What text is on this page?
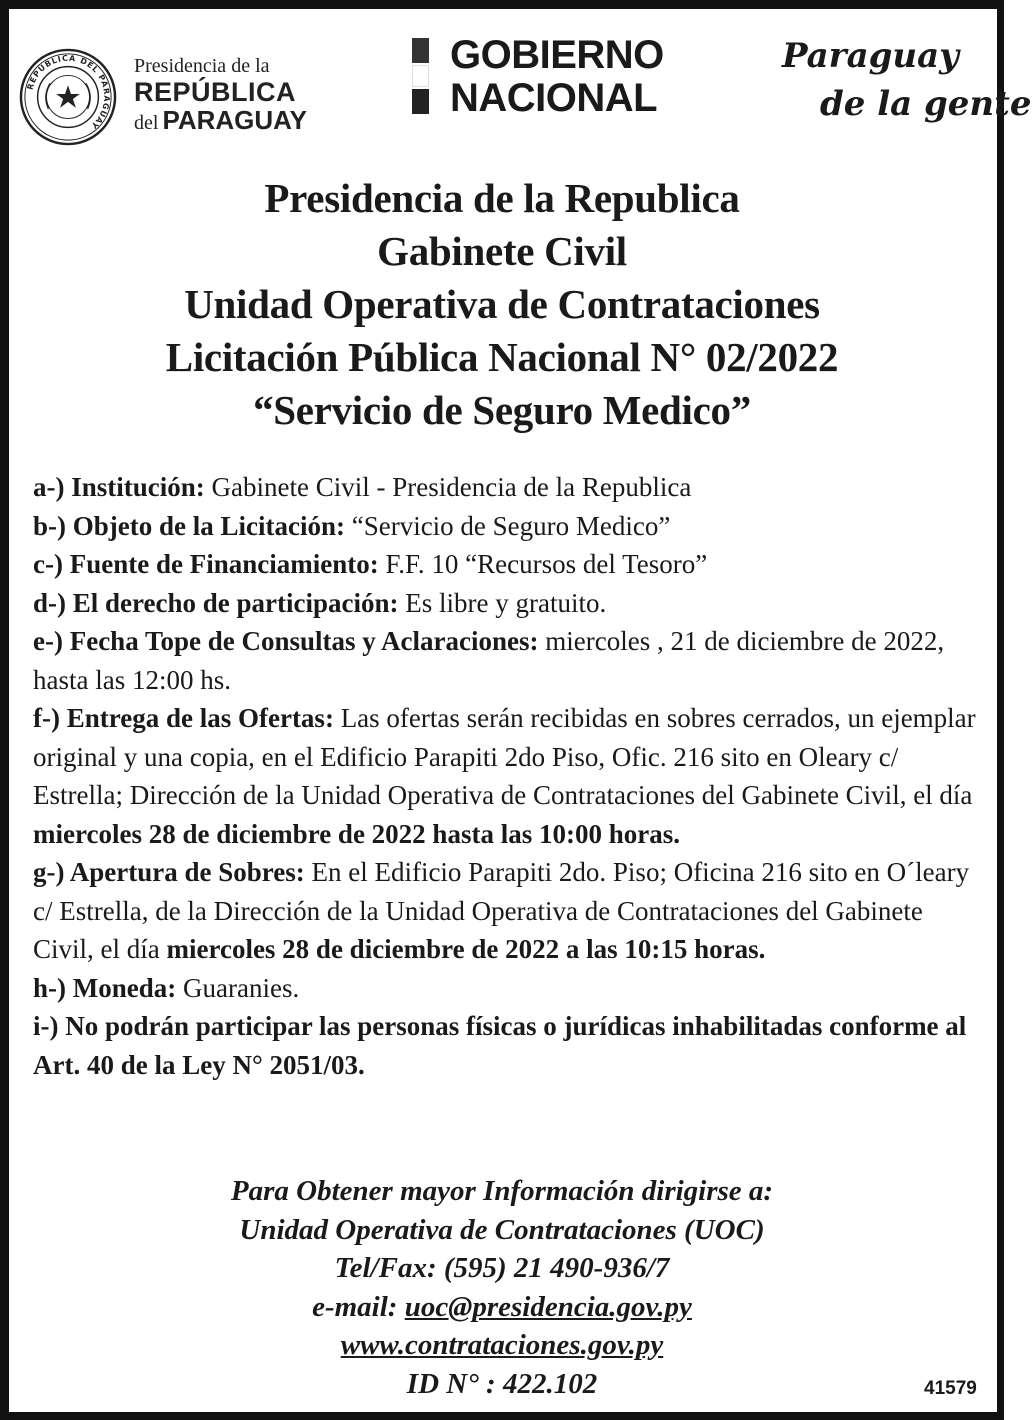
REPÚBLICA DEL PARAGUAY
Presidencia de la
REPÚBLICA
del PARAGUAY
GOBIERNO
NACIONAL
Paraguay
de la gente
Presidencia de la Republica
Gabinete Civil
Unidad Operativa de Contrataciones
Licitación Pública Nacional N° 02/2022
“Servicio de Seguro Medico”

a-) Institución: Gabinete Civil - Presidencia de la Republica

b-) Objeto de la Licitación: “Servicio de Seguro Medico”

c-) Fuente de Financiamiento: F.F. 10 “Recursos del Tesoro”

d-) El derecho de participación: Es libre y gratuito.

e-) Fecha Tope de Consultas y Aclaraciones: miercoles , 21 de diciembre de 2022, hasta las 12:00 hs.

f-) Entrega de las Ofertas: Las ofertas serán recibidas en sobres cerrados, un ejemplar original y una copia, en el Edificio Parapiti 2do Piso, Ofic. 216 sito en Oleary c/ Estrella; Dirección de la Unidad Operativa de Contrataciones del Gabinete Civil, el día miercoles 28 de diciembre de 2022 hasta las 10:00 horas.

g-) Apertura de Sobres: En el Edificio Parapiti 2do. Piso; Oficina 216 sito en O´leary c/ Estrella, de la Dirección de la Unidad Operativa de Contrataciones del Gabinete Civil, el día miercoles 28 de diciembre de 2022 a las 10:15 horas.

h-) Moneda: Guaranies.

i-) No podrán participar las personas físicas o jurídicas inhabilitadas conforme al Art. 40 de la Ley N° 2051/03.

Para Obtener mayor Información dirigirse a:
Unidad Operativa de Contrataciones (UOC)
Tel/Fax: (595) 21 490-936/7
e-mail: uoc@presidencia.gov.py
www.contrataciones.gov.py
ID N° : 422.102	41579
